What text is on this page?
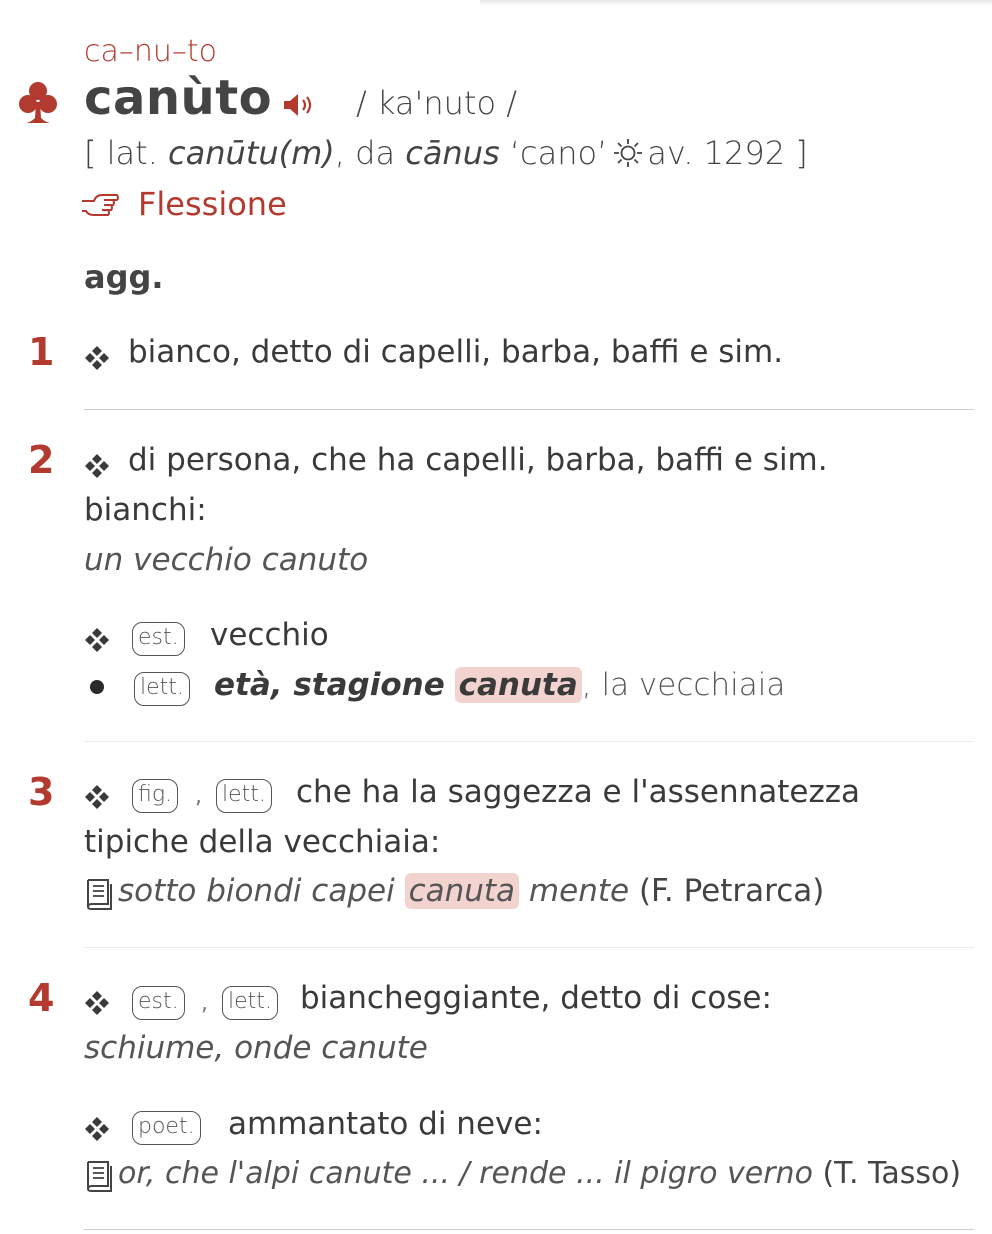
ca–nu–to
canùto	/ ka'nuto /
[ lat. canūtu(m), da cānus ‘cano’ av. 1292 ]
Flessione
agg.
1 bianco, detto di capelli, barba, baffi e sim.
2 di persona, che ha capelli, barba, baffi e sim.
bianchi:
un vecchio canuto
est. vecchio
lett. età, stagione canuta , la vecchiaia
3	fig. , lett. che ha la saggezza e l'assennatezza
tipiche della vecchiaia:
sotto biondi capei canuta mente (F. Petrarca)
4	est. , lett. biancheggiante, detto di cose:
schiume, onde canute
poet. ammantato di neve:
or, che l'alpi canute ... / rende ... il pigro verno (T. Tasso)
